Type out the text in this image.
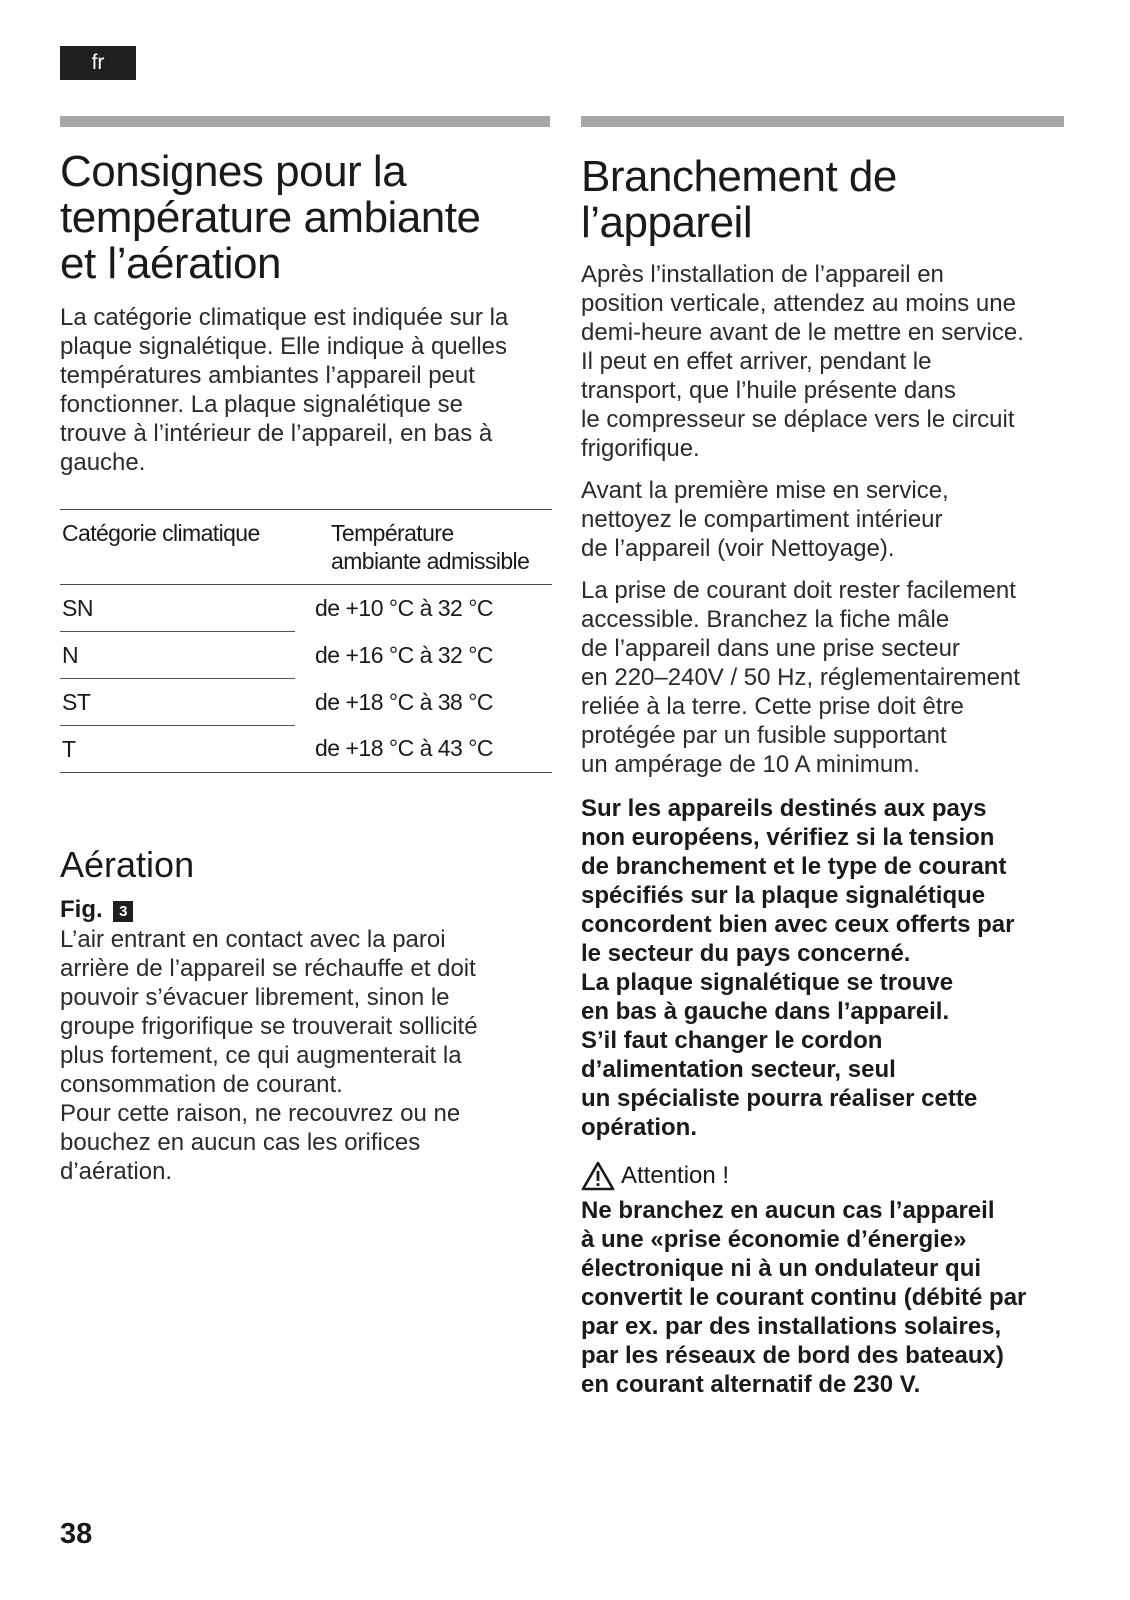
fr
Consignes pour la
température ambiante
et l’aération

La catégorie climatique est indiquée sur la
plaque signalétique. Elle indique à quelles
températures ambiantes l’appareil peut
fonctionner. La plaque signalétique se
trouve à l’intérieur de l’appareil, en bas à
gauche.

Catégorie climatique		Température
ambiante admissible
SN		de +10 °C à 32 °C
N		de +16 °C à 32 °C
ST		de +18 °C à 38 °C
T		de +18 °C à 43 °C
Aération
Fig. 3

L’air entrant en contact avec la paroi
arrière de l’appareil se réchauffe et doit
pouvoir s’évacuer librement, sinon le
groupe frigorifique se trouverait sollicité
plus fortement, ce qui augmenterait la
consommation de courant.
Pour cette raison, ne recouvrez ou ne
bouchez en aucun cas les orifices
d’aération.

Branchement de
l’appareil

Après l’installation de l’appareil en
position verticale, attendez au moins une
demi-heure avant de le mettre en service.
Il peut en effet arriver, pendant le
transport, que l’huile présente dans
le compresseur se déplace vers le circuit
frigorifique.

Avant la première mise en service,
nettoyez le compartiment intérieur
de l’appareil (voir Nettoyage).

La prise de courant doit rester facilement
accessible. Branchez la fiche mâle
de l’appareil dans une prise secteur
en 220–240V / 50 Hz, réglementairement
reliée à la terre. Cette prise doit être
protégée par un fusible supportant
un ampérage de 10 A minimum.

Sur les appareils destinés aux pays
non européens, vérifiez si la tension
de branchement et le type de courant
spécifiés sur la plaque signalétique
concordent bien avec ceux offerts par
le secteur du pays concerné.
La plaque signalétique se trouve
en bas à gauche dans l’appareil.
S’il faut changer le cordon
d’alimentation secteur, seul
un spécialiste pourra réaliser cette
opération.

Attention !

Ne branchez en aucun cas l’appareil
à une «prise économie d’énergie»
électronique ni à un ondulateur qui
convertit le courant continu (débité par
par ex. par des installations solaires,
par les réseaux de bord des bateaux)
en courant alternatif de 230 V.

38
